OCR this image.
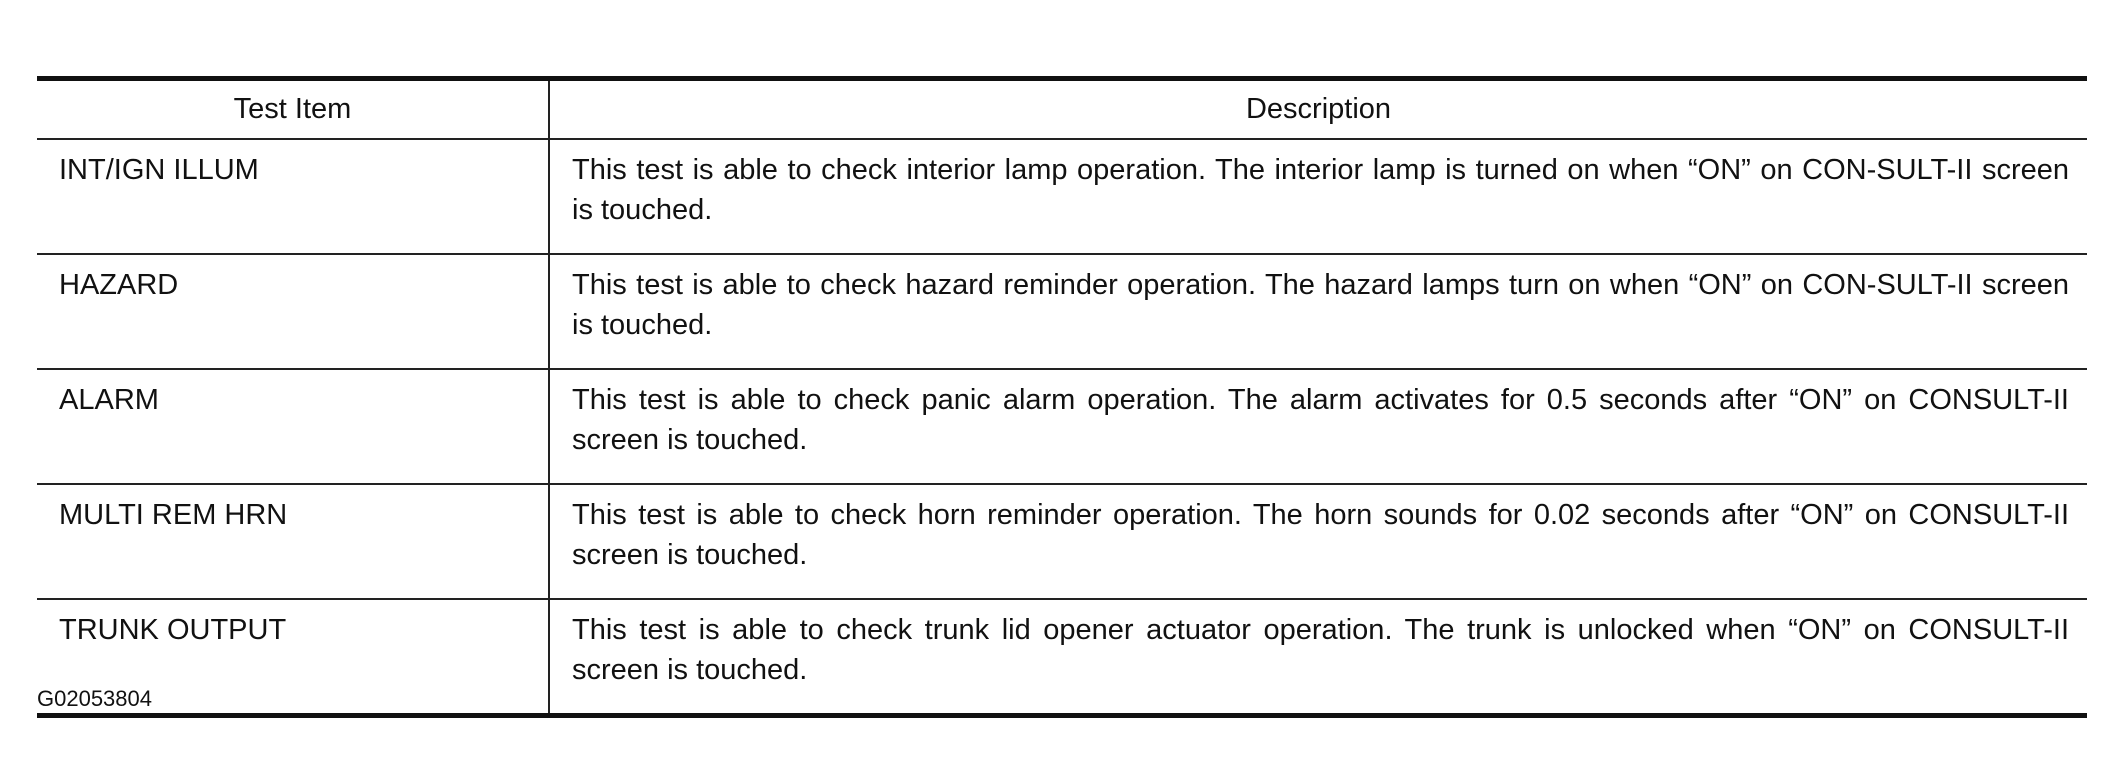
Test Item	Description
INT/IGN ILLUM	This test is able to check interior lamp operation. The interior lamp is turned on when “ON” on CON-SULT-II screen is touched.
HAZARD	This test is able to check hazard reminder operation. The hazard lamps turn on when “ON” on CON-SULT-II screen is touched.
ALARM	This test is able to check panic alarm operation. The alarm activates for 0.5 seconds after “ON” on CONSULT-II screen is touched.
MULTI REM HRN	This test is able to check horn reminder operation. The horn sounds for 0.02 seconds after “ON” on CONSULT-II screen is touched.
TRUNK OUTPUT	This test is able to check trunk lid opener actuator operation. The trunk is unlocked when “ON” on CONSULT-II screen is touched.
G02053804
